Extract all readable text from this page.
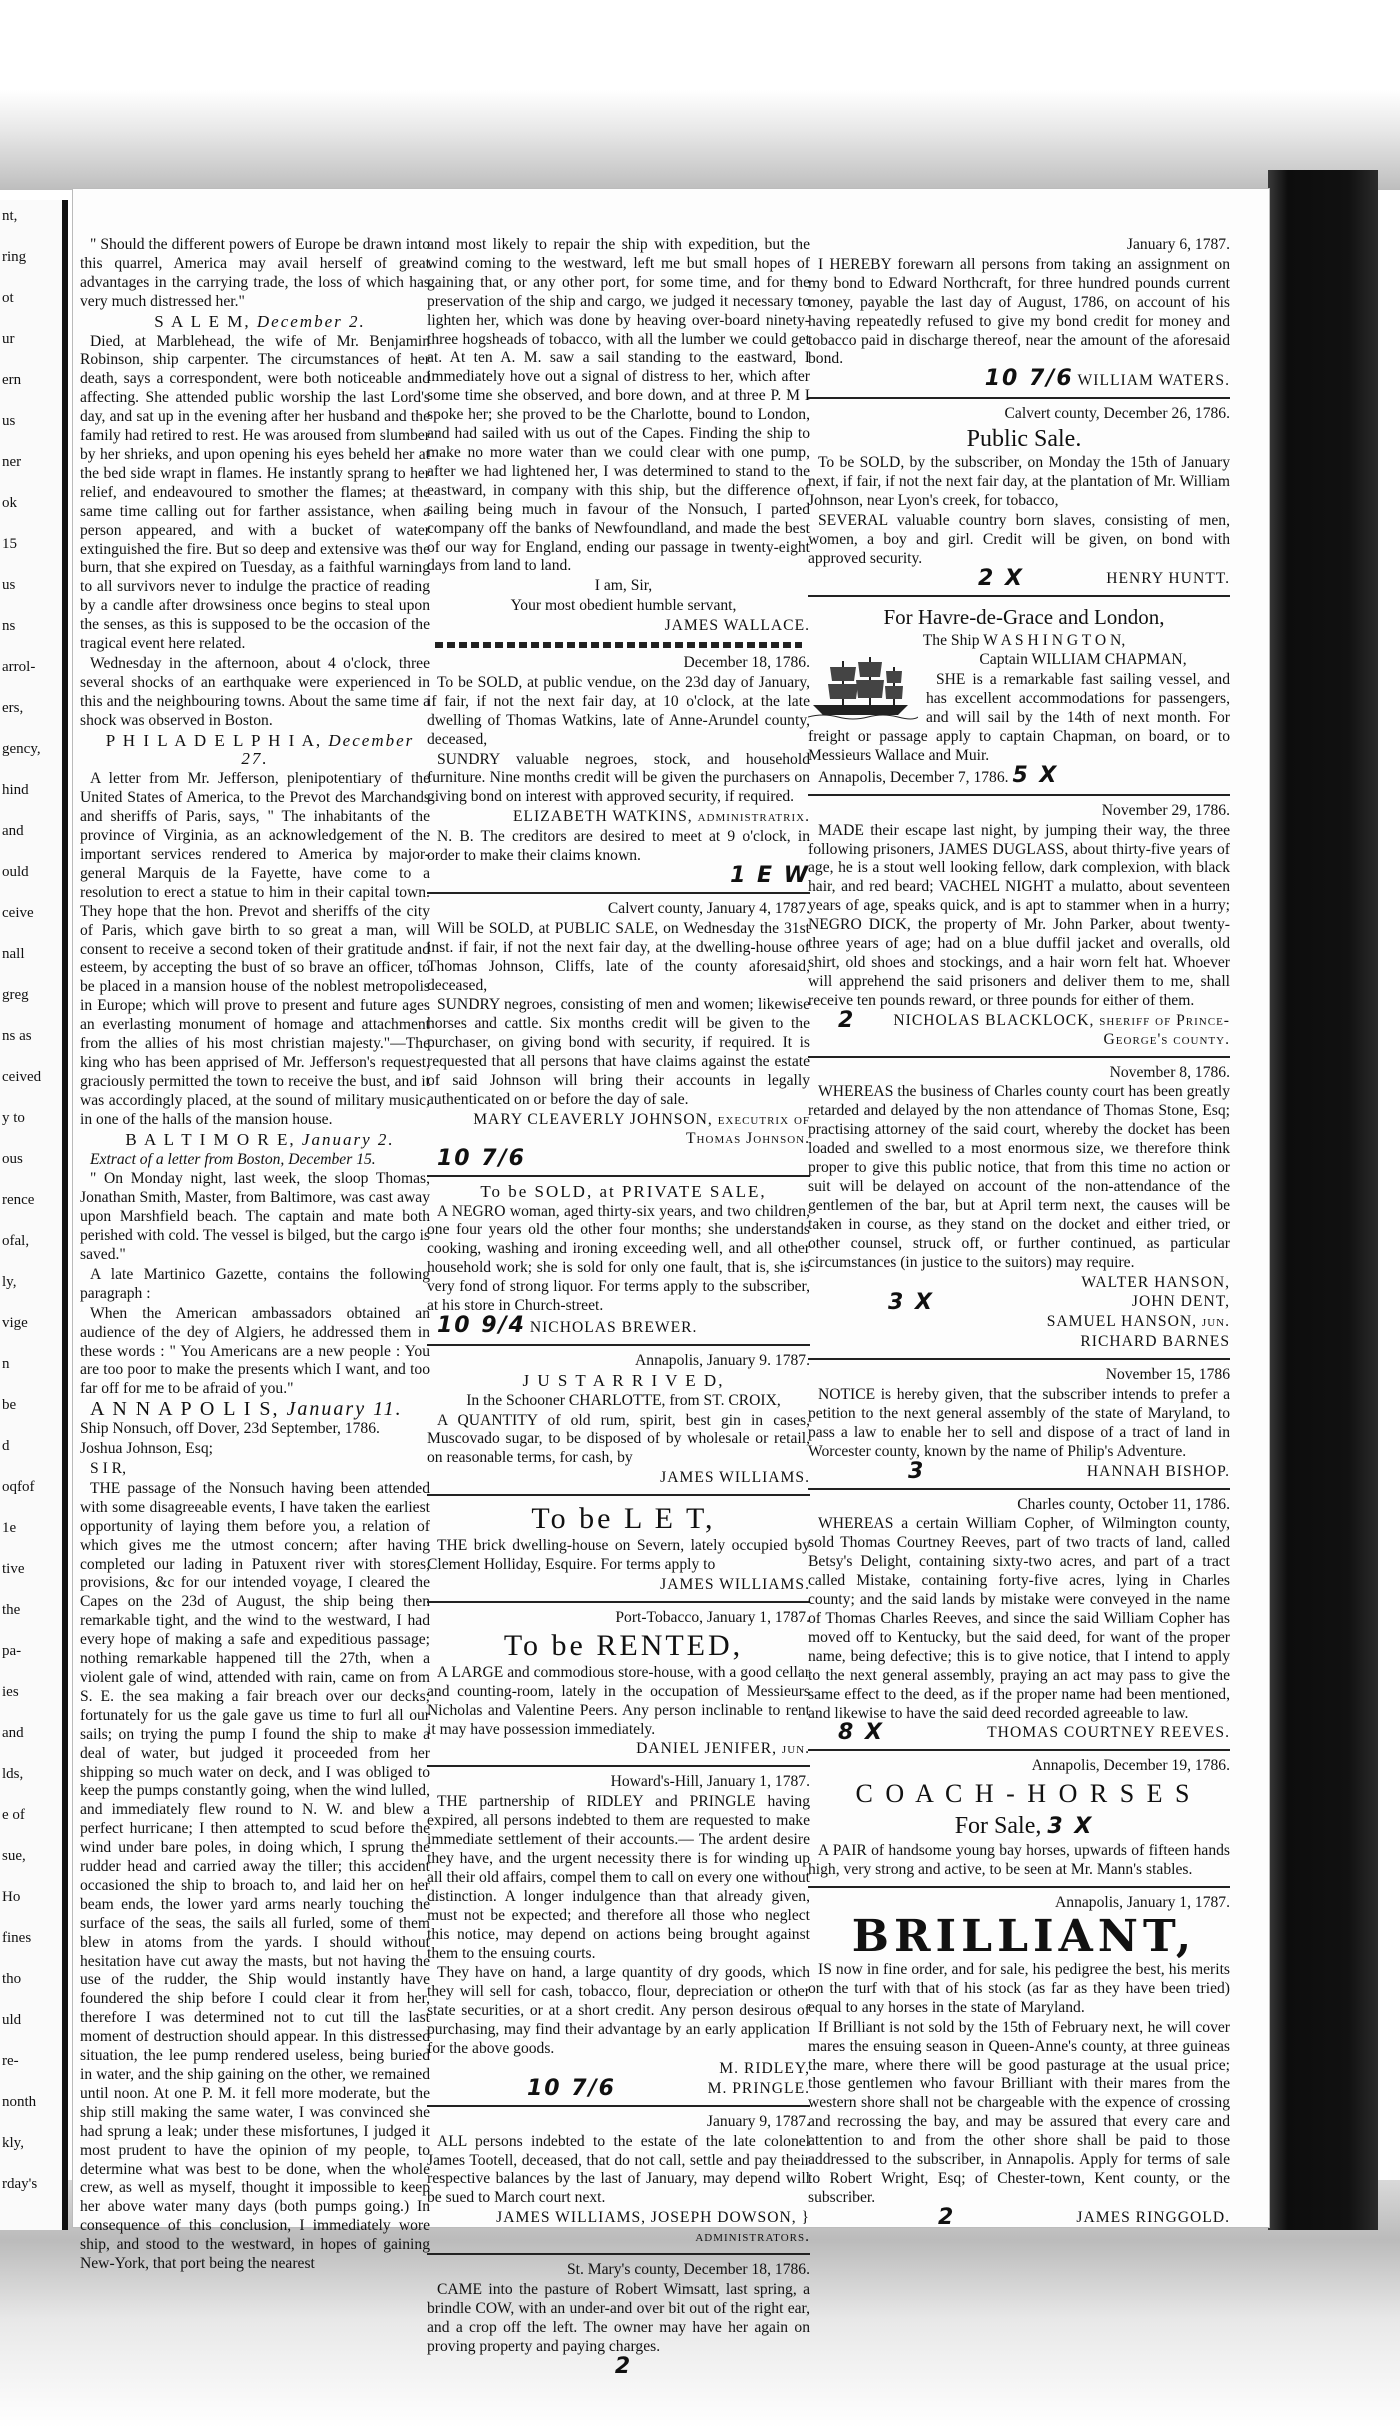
nt,
ring
ot
ur
ern
us
ner
ok
15
us
ns
arrol-
ers,
gency,
hind
and
ould
ceive
nall
greg
ns as
ceived
y to
ous
rence
ofal,
ly,
vige
n
be
d
oqfof
1e
tive
the
pa-
ies
and
lds,
e of
sue,
Ho
fines
tho
uld
re-
nonth
kly,
rday's

" Should the different powers of Europe be drawn into this quarrel, America may avail herself of great advantages in the carrying trade, the loss of which has very much distressed her."

S A L E M, December 2.

Died, at Marblehead, the wife of Mr. Benjamin Robinson, ship carpenter. The circumstances of her death, says a correspondent, were both noticeable and affecting. She attended public worship the last Lord's day, and sat up in the evening after her husband and the family had retired to rest. He was aroused from slumber by her shrieks, and upon opening his eyes beheld her at the bed side wrapt in flames. He instantly sprang to her relief, and endeavoured to smother the flames; at the same time calling out for farther assistance, when a person appeared, and with a bucket of water extinguished the fire. But so deep and extensive was the burn, that she expired on Tuesday, as a faithful warning to all survivors never to indulge the practice of reading by a candle after drowsiness once begins to steal upon the senses, as this is supposed to be the occasion of the tragical event here related.

Wednesday in the afternoon, about 4 o'clock, three several shocks of an earthquake were experienced in this and the neighbouring towns. About the same time a shock was observed in Boston.

P H I L A D E L P H I A, December 27.

A letter from Mr. Jefferson, plenipotentiary of the United States of America, to the Prevot des Marchands and sheriffs of Paris, says, " The inhabitants of the province of Virginia, as an acknowledgement of the important services rendered to America by major-general Marquis de la Fayette, have come to a resolution to erect a statue to him in their capital town. They hope that the hon. Prevot and sheriffs of the city of Paris, which gave birth to so great a man, will consent to receive a second token of their gratitude and esteem, by accepting the bust of so brave an officer, to be placed in a mansion house of the noblest metropolis in Europe; which will prove to present and future ages an everlasting monument of homage and attachment from the allies of his most christian majesty."—The king who has been apprised of Mr. Jefferson's request, graciously permitted the town to receive the bust, and it was accordingly placed, at the sound of military music, in one of the halls of the mansion house.

B A L T I M O R E, January 2.

Extract of a letter from Boston, December 15.

" On Monday night, last week, the sloop Thomas, Jonathan Smith, Master, from Baltimore, was cast away upon Marshfield beach. The captain and mate both perished with cold. The vessel is bilged, but the cargo is saved."

A late Martinico Gazette, contains the following paragraph :

When the American ambassadors obtained an audience of the dey of Algiers, he addressed them in these words : " You Americans are a new people : You are too poor to make the presents which I want, and too far off for me to be afraid of you."

A N N A P O L I S, January 11.

Ship Nonsuch, off Dover, 23d September, 1786.

Joshua Johnson, Esq;

S I R,

THE passage of the Nonsuch having been attended with some disagreeable events, I have taken the earliest opportunity of laying them before you, a relation of which gives me the utmost concern; after having completed our lading in Patuxent river with stores, provisions, &c for our intended voyage, I cleared the Capes on the 23d of August, the ship being then remarkable tight, and the wind to the westward, I had every hope of making a safe and expeditious passage; nothing remarkable happened till the 27th, when a violent gale of wind, attended with rain, came on from S. E. the sea making a fair breach over our decks; fortunately for us the gale gave us time to furl all our sails; on trying the pump I found the ship to make a deal of water, but judged it proceeded from her shipping so much water on deck, and I was obliged to keep the pumps constantly going, when the wind lulled, and immediately flew round to N. W. and blew a perfect hurricane; I then attempted to scud before the wind under bare poles, in doing which, I sprung the rudder head and carried away the tiller; this accident occasioned the ship to broach to, and laid her on her beam ends, the lower yard arms nearly touching the surface of the seas, the sails all furled, some of them blew in atoms from the yards. I should without hesitation have cut away the masts, but not having the use of the rudder, the Ship would instantly have foundered the ship before I could clear it from her, therefore I was determined not to cut till the last moment of destruction should appear. In this distressed situation, the lee pump rendered useless, being buried in water, and the ship gaining on the other, we remained until noon. At one P. M. it fell more moderate, but the ship still making the same water, I was convinced she had sprung a leak; under these misfortunes, I judged it most prudent to have the opinion of my people, to determine what was best to be done, when the whole crew, as well as myself, thought it impossible to keep her above water many days (both pumps going.) In consequence of this conclusion, I immediately wore ship, and stood to the westward, in hopes of gaining New-York, that port being the nearest

and most likely to repair the ship with expedition, but the wind coming to the westward, left me but small hopes of gaining that, or any other port, for some time, and for the preservation of the ship and cargo, we judged it necessary to lighten her, which was done by heaving over-board ninety-three hogsheads of tobacco, with all the lumber we could get at. At ten A. M. saw a sail standing to the eastward, I immediately hove out a signal of distress to her, which after some time she observed, and bore down, and at three P. M I spoke her; she proved to be the Charlotte, bound to London, and had sailed with us out of the Capes. Finding the ship to make no more water than we could clear with one pump, after we had lightened her, I was determined to stand to the eastward, in company with this ship, but the difference of sailing being much in favour of the Nonsuch, I parted company off the banks of Newfoundland, and made the best of our way for England, ending our passage in twenty-eight days from land to land.

I am, Sir,

Your most obedient humble servant,

JAMES WALLACE.

December 18, 1786.

To be SOLD, at public vendue, on the 23d day of January, if fair, if not the next fair day, at 10 o'clock, at the late dwelling of Thomas Watkins, late of Anne-Arundel county, deceased,

SUNDRY valuable negroes, stock, and household furniture. Nine months credit will be given the purchasers on giving bond on interest with approved security, if required.

ELIZABETH WATKINS, administratrix.

N. B. The creditors are desired to meet at 9 o'clock, in order to make their claims known.

1 E W

Calvert county, January 4, 1787.

Will be SOLD, at PUBLIC SALE, on Wednesday the 31st inst. if fair, if not the next fair day, at the dwelling-house of Thomas Johnson, Cliffs, late of the county aforesaid, deceased,

SUNDRY negroes, consisting of men and women; likewise horses and cattle. Six months credit will be given to the purchaser, on giving bond with security, if required. It is requested that all persons that have claims against the estate of said Johnson will bring their accounts in legally authenticated on or before the day of sale.

MARY CLEAVERLY JOHNSON, executrix of Thomas Johnson.

10 7/6

To be SOLD, at PRIVATE SALE,

A NEGRO woman, aged thirty-six years, and two children, one four years old the other four months; she understands cooking, washing and ironing exceeding well, and all other household work; she is sold for only one fault, that is, she is very fond of strong liquor. For terms apply to the subscriber, at his store in Church-street.

10 9/4 NICHOLAS BREWER.

Annapolis, January 9. 1787.

J U S T A R R I V E D,

In the Schooner CHARLOTTE, from ST. CROIX,

A QUANTITY of old rum, spirit, best gin in cases, Muscovado sugar, to be disposed of by wholesale or retail, on reasonable terms, for cash, by

JAMES WILLIAMS.

To be L E T,

THE brick dwelling-house on Severn, lately occupied by Clement Holliday, Esquire. For terms apply to

JAMES WILLIAMS.

Port-Tobacco, January 1, 1787.

To be RENTED,

A LARGE and commodious store-house, with a good cellar and counting-room, lately in the occupation of Messieurs Nicholas and Valentine Peers. Any person inclinable to rent it may have possession immediately.

DANIEL JENIFER, jun.

Howard's-Hill, January 1, 1787.

THE partnership of RIDLEY and PRINGLE having expired, all persons indebted to them are requested to make immediate settlement of their accounts.— The ardent desire they have, and the urgent necessity there is for winding up all their old affairs, compel them to call on every one without distinction. A longer indulgence than that already given, must not be expected; and therefore all those who neglect this notice, may depend on actions being brought against them to the ensuing courts.

They have on hand, a large quantity of dry goods, which they will sell for cash, tobacco, flour, depreciation or other state securities, or at a short credit. Any person desirous of purchasing, may find their advantage by an early application for the above goods.

M. RIDLEY,

10 7/6	M. PRINGLE.

January 9, 1787.

ALL persons indebted to the estate of the late colonel James Tootell, deceased, that do not call, settle and pay their respective balances by the last of January, may depend will be sued to March court next.

JAMES WILLIAMS, JOSEPH DOWSON, } administrators.

St. Mary's county, December 18, 1786.

CAME into the pasture of Robert Wimsatt, last spring, a brindle COW, with an under-and over bit out of the right ear, and a crop off the left. The owner may have her again on proving property and paying charges.

2

January 6, 1787.

I HEREBY forewarn all persons from taking an assignment on my bond to Edward Northcraft, for three hundred pounds current money, payable the last day of August, 1786, on account of his having repeatedly refused to give my bond credit for money and tobacco paid in discharge thereof, near the amount of the aforesaid bond.

10 7/6 WILLIAM WATERS.

Calvert county, December 26, 1786.

Public Sale.

To be SOLD, by the subscriber, on Monday the 15th of January next, if fair, if not the next fair day, at the plantation of Mr. William Johnson, near Lyon's creek, for tobacco,

SEVERAL valuable country born slaves, consisting of men, women, a boy and girl. Credit will be given, on bond with approved security.

2 X	HENRY HUNTT.

For Havre-de-Grace and London,

The Ship W A S H I N G T O N,

Captain WILLIAM CHAPMAN,

SHE is a remarkable fast sailing vessel, and has excellent accommodations for passengers, and will sail by the 14th of next month. For freight or passage apply to captain Chapman, on board, or to Messieurs Wallace and Muir.

Annapolis, December 7, 1786. 5 X

November 29, 1786.

MADE their escape last night, by jumping their way, the three following prisoners, JAMES DUGLASS, about thirty-five years of age, he is a stout well looking fellow, dark complexion, with black hair, and red beard; VACHEL NIGHT a mulatto, about seventeen years of age, speaks quick, and is apt to stammer when in a hurry; NEGRO DICK, the property of Mr. John Parker, about twenty-three years of age; had on a blue duffil jacket and overalls, old shirt, old shoes and stockings, and a hair worn felt hat. Whoever will apprehend the said prisoners and deliver them to me, shall receive ten pounds reward, or three pounds for either of them.

2 NICHOLAS BLACKLOCK, sheriff of Prince-George's county.

November 8, 1786.

WHEREAS the business of Charles county court has been greatly retarded and delayed by the non attendance of Thomas Stone, Esq; practising attorney of the said court, whereby the docket has been loaded and swelled to a most enormous size, we therefore think proper to give this public notice, that from this time no action or suit will be delayed on account of the non-attendance of the gentlemen of the bar, but at April term next, the causes will be taken in course, as they stand on the docket and either tried, or other counsel, struck off, or further continued, as particular circumstances (in justice to the suitors) may require.

3 X

WALTER HANSON,

JOHN DENT,

SAMUEL HANSON, jun.

RICHARD BARNES

November 15, 1786

NOTICE is hereby given, that the subscriber intends to prefer a petition to the next general assembly of the state of Maryland, to pass a law to enable her to sell and dispose of a tract of land in Worcester county, known by the name of Philip's Adventure.

3	HANNAH BISHOP.

Charles county, October 11, 1786.

WHEREAS a certain William Copher, of Wilmington county, sold Thomas Courtney Reeves, part of two tracts of land, called Betsy's Delight, containing sixty-two acres, and part of a tract called Mistake, containing forty-five acres, lying in Charles county; and the said lands by mistake were conveyed in the name of Thomas Charles Reeves, and since the said William Copher has moved off to Kentucky, but the said deed, for want of the proper name, being defective; this is to give notice, that I intend to apply to the next general assembly, praying an act may pass to give the same effect to the deed, as if the proper name had been mentioned, and likewise to have the said deed recorded agreeable to law.

8 X	THOMAS COURTNEY REEVES.

Annapolis, December 19, 1786.

C O A C H - H O R S E S

For Sale, 3 X

A PAIR of handsome young bay horses, upwards of fifteen hands high, very strong and active, to be seen at Mr. Mann's stables.

Annapolis, January 1, 1787.

BRILLIANT,

IS now in fine order, and for sale, his pedigree the best, his merits on the turf with that of his stock (as far as they have been tried) equal to any horses in the state of Maryland.

If Brilliant is not sold by the 15th of February next, he will cover mares the ensuing season in Queen-Anne's county, at three guineas the mare, where there will be good pasturage at the usual price; those gentlemen who favour Brilliant with their mares from the western shore shall not be chargeable with the expence of crossing and recrossing the bay, and may be assured that every care and attention to and from the other shore shall be paid to those addressed to the subscriber, in Annapolis. Apply for terms of sale to Robert Wright, Esq; of Chester-town, Kent county, or the subscriber.

2	JAMES RINGGOLD.
